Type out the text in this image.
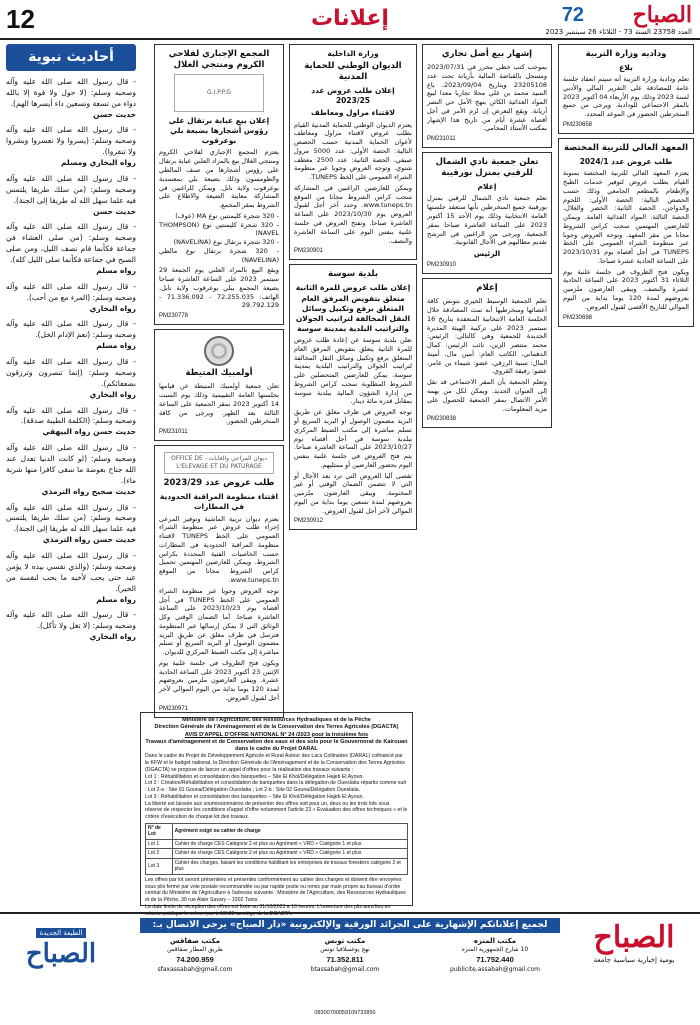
12	إعلانات	72 الصباح
العدد 23758 السنة 73 - الثلاثاء 26 سبتمبر 2023
وداديه وزارة التربية
بلاغ
تعلم ودادية وزارة التربية أنه سيتم انعقاد جلسة عامة للمصادقة على التقرير المالي والأدبي لسنة 2023 وذلك يوم الأربعاء 04 أكتوبر 2023 بالمقر الاجتماعي للودادية. ويرجى من جميع المنخرطين الحضور في الموعد المحدد.
PM230658
المعهد العالي للتربية المختصة
طلب عروض عدد 2024/1
يعتزم المعهد العالي للتربية المختصة بمنوبة القيام بطلب عروض لتوفير خدمات الطبخ والإطعام بالمطعم الجامعي وذلك حسب الحصص التالية: الحصة الأولى: اللحوم والدواجن، الحصة الثانية: الخضر والغلال، الحصة الثالثة: المواد الغذائية العامة. ويمكن للعارضين المهتمين سحب كراس الشروط مجانا من مقر المعهد. وتوجه العروض وجوبا عبر منظومة الشراء العمومي على الخط TUNEPS في أجل أقصاه يوم 2023/10/31 على الساعة الحادية عشرة صباحا.
ويكون فتح الظروف في جلسة علنية يوم الثلاثاء 31 أكتوبر 2023 على الساعة الحادية عشرة والنصف. ويبقى العارضون ملزمين بعروضهم لمدة 120 يوما بداية من اليوم الموالي للتاريخ الأقصى لقبول العروض.
PM230698
إشهار بيع أصل تجاري
بموجب كتب خطي محرر في 2023/07/31 ومسجل بالقباضة المالية بأريانة تحت عدد 23205108 وبتاريخ 2023/09/04، باع السيد محمد بن علي محلا تجاريا معدا لبيع المواد الغذائية الكائن بنهج الأمل حي النصر أريانة. ويقع التعرض إن لزم الأمر في أجل أقصاه عشرة أيام من تاريخ هذا الإشهار بمكتب الأستاذ المحامي.
PM231011
تعلن جمعية نادي الشمال للرقبي بمنزل بورقيبة
إعلام
تعلم جمعية نادي الشمال للرقبي بمنزل بورقيبة جميع المنخرطين بأنها ستعقد جلستها العامة الانتخابية وذلك يوم الأحد 15 أكتوبر 2023 على الساعة العاشرة صباحا بمقر الجمعية. ويرجى من الراغبين في الترشح تقديم مطالبهم في الآجال القانونية.
الرئيس
PM230910
إعلام
تعلم الجمعية الوسيط الخيري بتونس كافة أعضائها ومنخرطيها أنه تمت المصادقة خلال الجلسة العامة الانتخابية المنعقدة بتاريخ 16 سبتمبر 2023 على تركيبة الهيئة المديرة الجديدة للجمعية وهي كالتالي: الرئيس: محمد منتصر الزين، نائب الرئيس: كمال الدهماني، الكاتب العام: أمين مال، أمينة المال: سنية الرزقي، عضو: شيماء بن عامر، عضو: رفيقة القروي.
وتعلم الجمعية بأن المقر الاجتماعي قد نقل إلى العنوان الجديد. ويمكن لكل من يهمه الأمر الاتصال بمقر الجمعية للحصول على مزيد المعلومات.
PM230838
وزارة الداخلية
الديوان الوطني للحماية المدنية
إعلان طلب عروض عدد 2023/25
لاقتناء مراول ومعاطف
يعتزم الديوان الوطني للحماية المدنية القيام بطلب عروض لاقتناء مراول ومعاطف لأعوان الحماية المدنية حسب الحصص التالية: الحصة الأولى: عدد 5000 مرول صيفي، الحصة الثانية: عدد 2500 معطف شتوي. وتوجه العروض وجوبا عبر منظومة الشراء العمومي على الخط TUNEPS.
ويمكن للعارضين الراغبين في المشاركة سحب كراس الشروط مجانا من الموقع www.tuneps.tn. وحدد آخر أجل لقبول العروض يوم 2023/10/30 على الساعة العاشرة صباحا. وتفتح العروض في جلسة علنية بنفس اليوم على الساعة العاشرة والنصف.
PM230901
بلدية سوسة
إعلان طلب عروض للمرة الثانية متعلق بتفويض المرفق العام المتعلق برفع وتكبيل وسائل النقل المخالفة لتراتيب الجولان والتراتيب البلدية بمدينة سوسة
تعلن بلدية سوسة عن إعادة طلب عروض للمرة الثانية يتعلق بتفويض المرفق العام المتعلق برفع وتكبيل وسائل النقل المخالفة لتراتيب الجولان والتراتيب البلدية بمدينة سوسة. يمكن للعارضين المتحصلين على الشروط المطلوبة سحب كراس الشروط من إدارة الشؤون المالية ببلدية سوسة بمقابل قدره مائة دينار.
توجه العروض في ظرف مغلق عن طريق البريد مضمون الوصول أو البريد السريع أو تسلم مباشرة إلى مكتب الضبط المركزي ببلدية سوسة في أجل أقصاه يوم 2023/10/27 على الساعة العاشرة صباحا. يتم فتح العروض في جلسة علنية بنفس اليوم بحضور العارضين أو ممثليهم.
تقصى آليا العروض التي ترد بعد الآجال أو التي لا تتضمن الضمان الوقتي أو غير المختومة. ويبقى العارضون ملزمين بعروضهم لمدة تسعين يوما بداية من اليوم الموالي لآخر أجل لقبول العروض.
PM230912
المجمع الإجباري لفلاحي الكروم ومنتجي الغلال
G.I.P.P.G
إعلان بيع عبابة برتقال على رؤوس أشجارها بضيعة بلي بوعرقوب
يعتزم المجمع الإجباري لفلاحي الكروم ومنتجي الغلال بيع بالمزاد العلني عبابة برتقال على رؤوس أشجارها من صنف المالطي والطومسون وذلك بضيعة بلي بمعتمدية بوعرقوب ولاية نابل. ويمكن للراغبين في المشاركة معاينة الضيعة والاطلاع على الشروط بمقر المجمع.
- 320 شجرة كليمنتين نوع MA (عوف)
- 320 شجرة كليمنتين نوع (THOMPSON NAVEL)
- 320 شجرة برتقال نوع (NAVELINA)
- 320 شجرة برتقال نوع مالطي (NAVELINA)
ويقع البيع بالمزاد العلني يوم الجمعة 29 سبتمبر 2023 على الساعة العاشرة صباحا بضيعة المجمع ببلي بوعرقوب ولاية نابل. الهاتف: 72.255.035 - 71.336.092 - 29.792.129
PM230778
أولمبيك المتيطة
تعلن جمعية أولمبيك المتيطة عن قيامها بجلستها العامة التقييمية وذلك يوم السبت 14 أكتوبر 2023 بمقر الجمعية على الساعة الثالثة بعد الظهر. ويرجى من كافة المنخرطين الحضور.
PM231011
ديوان المراعي والغابات - OFFICE DE L'ELEVAGE ET DU PATURAGE
طلب عروض عدد 2023/29
اقتناء منظومة المراقبة الحدودية في المطارات
يعتزم ديوان تربية الماشية وتوفير المرعى إجراء طلب عروض عبر منظومة الشراء العمومي على الخط TUNEPS لاقتناء منظومة المراقبة الحدودية في المطارات حسب الخاصيات الفنية المحددة بكراس الشروط. ويمكن للعارضين المهتمين تحميل كراس الشروط مجانا من الموقع www.tuneps.tn.
توجه العروض وجوبا عبر منظومة الشراء العمومي على الخط TUNEPS في أجل أقصاه يوم 2023/10/23 على الساعة العاشرة صباحا. أما الضمان الوقتي وكل الوثائق التي لا يمكن إرسالها عبر المنظومة فترسل في ظرف مغلق عن طريق البريد مضمون الوصول أو البريد السريع أو تسلم مباشرة إلى مكتب الضبط المركزي للديوان.
ويكون فتح الظروف في جلسة علنية يوم الإثنين 23 أكتوبر 2023 على الساعة الحادية عشرة. ويبقى العارضون ملزمين بعروضهم لمدة 120 يوما بداية من اليوم الموالي لآخر أجل لقبول العروض.
PM230971
أحاديث نبوية
- قال رسول الله صلى الله عليه وآله وصحبه وسلم: (لا حول ولا قوة إلا بالله دواء من تسعة وتسعين داء أيسرها الهم).
حديث حسن
- قال رسول الله صلى الله عليه وآله وصحبه وسلم: (يسروا ولا تعسروا وبشروا ولا تنفروا).
رواه البخاري ومسلم
- قال رسول الله صلى الله عليه وآله وصحبه وسلم: (من سلك طريقا يلتمس فيه علما سهل الله له طريقا إلى الجنة).
حديث حسن
- قال رسول الله صلى الله عليه وآله وصحبه وسلم: (من صلى العشاء في جماعة فكأنما قام نصف الليل، ومن صلى الصبح في جماعة فكأنما صلى الليل كله).
رواه مسلم
- قال رسول الله صلى الله عليه وآله وصحبه وسلم: (المرء مع من أحب).
رواه البخاري
- قال رسول الله صلى الله عليه وآله وصحبه وسلم: (نعم الإدام الخل).
رواه مسلم
- قال رسول الله صلى الله عليه وآله وصحبه وسلم: (إنما تنصرون وترزقون بضعفائكم).
رواه البخاري
- قال رسول الله صلى الله عليه وآله وصحبه وسلم: (الكلمة الطيبة صدقة).
حديث حسن رواه البيهقي
- قال رسول الله صلى الله عليه وآله وصحبه وسلم: (لو كانت الدنيا تعدل عند الله جناح بعوضة ما سقى كافرا منها شربة ماء).
حديث صحيح رواه الترمذي
- قال رسول الله صلى الله عليه وآله وصحبه وسلم: (من سلك طريقا يلتمس فيه علما سهل الله له طريقا إلى الجنة).
حديث حسن رواه الترمذي
- قال رسول الله صلى الله عليه وآله وصحبه وسلم: (والذي نفسي بيده لا يؤمن عبد حتى يحب لأخيه ما يحب لنفسه من الخير).
رواه مسلم
- قال رسول الله صلى الله عليه وآله وصحبه وسلم: (لا تغل ولا تأكل).
رواه البخاري
Ministère de l'Agriculture, des Ressources Hydrauliques et de la Pêche
Direction Générale de l'Aménagement et de la Conservation des Terres Agricoles (DGACTA)
AVIS D'APPEL D'OFFRE NATIONAL N° 24 /2023 pour la troisième fois
Travaux d'aménagement et de Conservation des eaux et des sols pour le Gouvernorat de Kairouan dans le cadre du Projet DARAL
Dans le cadre du Projet de Développement Agricole et Rural Autour des Lacs Collinaires (DARAL) cofinancé par le KFW et le budget national, la Direction Générale de l'Aménagement et de la Conservation des Terres Agricoles (DGACTA) se propose de lancer un appel d'offres pour la réalisation des travaux suivants :
Lot 1 : Réhabilitation et consolidation des banquettes – Site El Khol/Délégation Hajeb El Ayoun.
Lot 2 : Création/Réhabilitation et consolidation de banquettes dans la délégation de Oueslatia répartis comme suit : Lot 2-a : Site 01 Gouna/Délégation Oueslatia ; Lot 2-b : Site 02 Gouna/Délégation Oueslatia.
Lot 3 : Réhabilitation et consolidation des banquettes – Site El Khol/Délégation Hajeb El Ayoun.
La liberté est laissée aux soumissionnaires de présenter des offres soit pour un, deux ou les trois lots sous réserve de respecter les conditions d'appel d'offre notamment l'article 23 « Evaluation des offres techniques » et le critère d'exécution de chaque lot des travaux.
N° de Lot	Agrément exigé ou cahier de charge
Lot 1	Cahier de charge CES Catégorie 2 et plus ou Agrément « VRD » Catégorie 1 et plus
Lot 2	Cahier de charge CES Catégorie 2 et plus ou Agrément « VRD » Catégorie 1 et plus
Lot 3	Cahier des charges, faisant les conditions habilitant les entreprises de travaux forestiers catégorie 2 et plus
Les offres par lot seront présentées et présentés conformément au cahier des charges et doivent être envoyées sous plis fermé par voie postale recommandée ou par rapide poste ou remis par main propre au bureau d'ordre central du Ministère de l'Agriculture à l'adresse suivante : Ministère de l'Agriculture, des Ressources Hydrauliques et de la Pêche, 30 rue Alain Savary – 1002 Tunis.
La date limite de réception des offres est fixée au 31/10/2023 à 10 heures. L'ouverture des plis aura lieu en séance publique le même jour à 10h30 au siège de la DGACTA.
الصباح
يومية إخبارية سياسية جامعة
لجميع إعلاناتكم الإشهارية على الجرائد الورقية والإلكترونية «دار الصباح» يرجى الاتصال بـ:
مكتب المنزه
10 شارع الجمهورية المنزه
71.752.440
publicite.assabah@gmail.com
مكتب تونس
نهج يوغسلافيا تونس
71.352.811
btassabah@gmail.com
مكتب صفاقس
طريق المطار صفاقس
74.200.959
sfaxassabah@gmail.com
08300700059109732850
الطبعة الجديدة
الصباح
